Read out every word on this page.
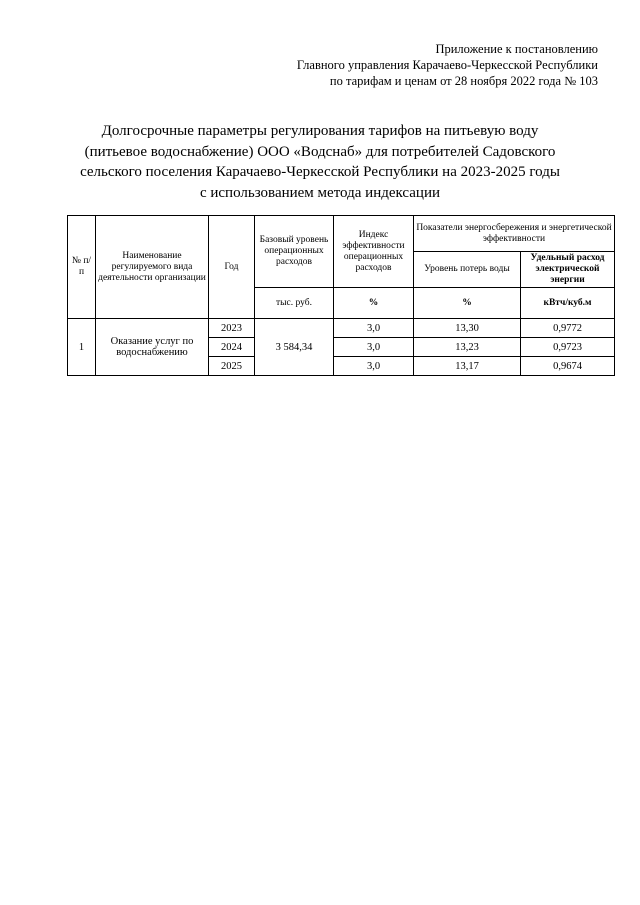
Приложение к постановлению
Главного управления Карачаево-Черкесской Республики
по тарифам и ценам от 28 ноября 2022 года № 103
Долгосрочные параметры регулирования тарифов на питьевую воду
(питьевое водоснабжение) ООО «Водснаб» для потребителей Садовского
сельского поселения Карачаево-Черкесской Республики на 2023-2025 годы
с использованием метода индексации
№ п/п	Наименование регулируемого вида деятельности организации	Год	Базовый уровень операционных расходов	Индекс эффективности операционных расходов	Показатели энергосбережения и энергетической эффективности	
					Уровень потерь воды	Удельный расход электрической энергии
			тыс. руб.	%	%	кВтч/куб.м
1	Оказание услуг по водоснабжению	2023	3 584,34	3,0	13,30	0,9772
		2024		3,0	13,23	0,9723
		2025		3,0	13,17	0,9674
